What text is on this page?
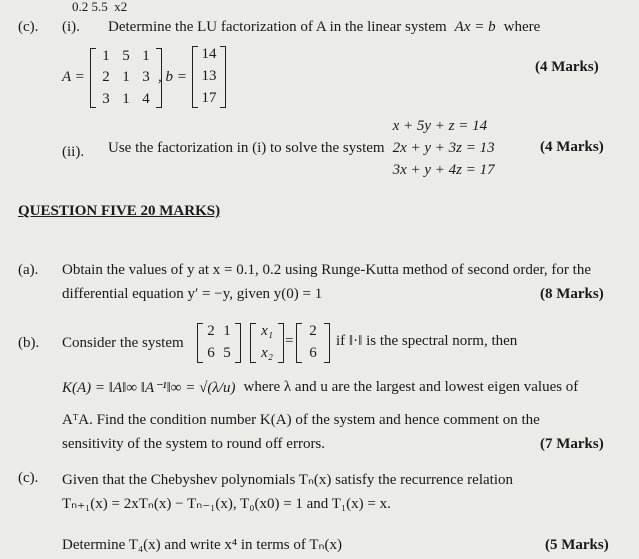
0.2 5.5 x2
(c). (i). Determine the LU factorization of A in the linear system Ax = b where
A =
1 5 1
2 1 3
3 1 4
, b =
14
13
17
(4 Marks)
(ii). Use the factorization in (i) to solve the system
x + 5y + z = 14
2x + y + 3z = 13
3x + y + 4z = 17
(4 Marks)
QUESTION FIVE 20 MARKS)
(a). Obtain the values of y at x = 0.1, 0.2 using Runge-Kutta method of second order, for the
differential equation y′ = −y, given y(0) = 1	(8 Marks)
(b). Consider the system
2 1
6 5
x₁
x₂
=
2
6
if ‖·‖ is the spectral norm, then
K(A) = ‖A‖∞ ‖A⁻¹‖∞ = √(λ/u) where λ and u are the largest and lowest eigen values of
AᵀA. Find the condition number K(A) of the system and hence comment on the
sensitivity of the system to round off errors.	(7 Marks)
(c). Given that the Chebyshev polynomials Tₙ(x) satisfy the recurrence relation
Tₙ₊₁(x) = 2xTₙ(x) − Tₙ₋₁(x), T₀(x0) = 1 and T₁(x) = x.
Determine T₄(x) and write x⁴ in terms of Tₙ(x)	(5 Marks)
